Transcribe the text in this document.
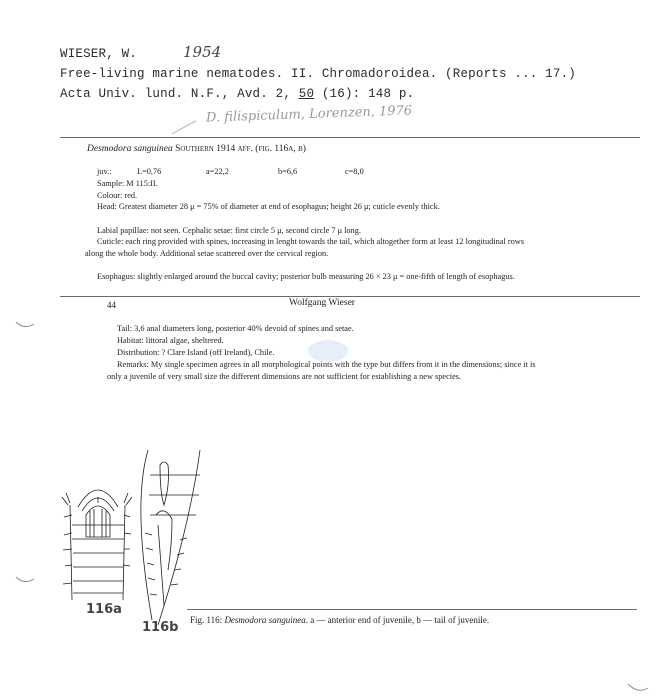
WIESER, W.	1954
Free-living marine nematodes. II. Chromadoroidea. (Reports ... 17.)
Acta Univ. lund. N.F., Avd. 2, 50 (16): 148 p.
D. filispiculum, Lorenzen, 1976
Desmodora sanguinea Southern 1914 aff. (fig. 116a, b)
juv.:	L=0,76	a=22,2	b=6,6	c=8,0
Sample: M 115:II.
Colour: red.
Head: Greatest diameter 28 μ = 75% of diameter at end of esophagus; height 26 μ; cuticle evenly thick.
Labial papillae: not seen. Cephalic setae: first circle 5 μ, second circle 7 μ long.
Cuticle: each ring provided with spines, increasing in lenght towards the tail, which altogether form at least 12 longitudinal rows along the whole body. Additional setae scattered over the cervical region.
Esophagus: slightly enlarged around the buccal cavity; posterior bulb measuring 26 × 23 μ = one-fifth of length of esophagus.
44	Wolfgang Wieser
Tail: 3,6 anal diameters long, posterior 40% devoid of spines and setae.
Habitat: littoral algae, sheltered.
Distribution: ? Clare Island (off Ireland), Chile.
Remarks: My single specimen agrees in all morphological points with the type but differs from it in the dimensions; since it is only a juvenile of very small size the different dimensions are not sufficient for establishing a new species.
116a
116b Fig. 116: Desmodora sanguinea. a — anterior end of juvenile, b — tail of juvenile.
